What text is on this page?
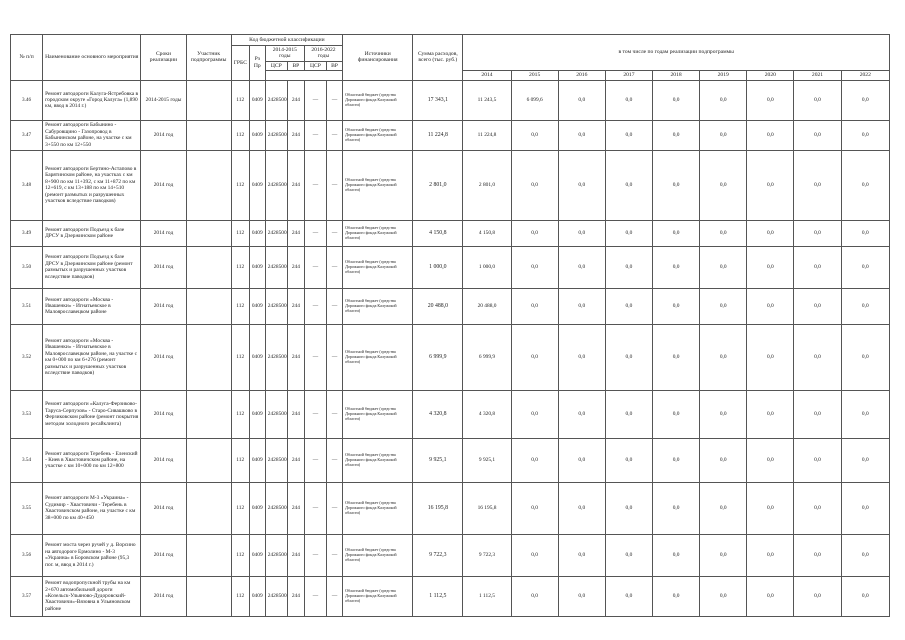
№ п/п	Наименование основного мероприятия	Сроки реализации	Участник подпрограммы	Код бюджетной классификации						Источники финансирования	Сумма расходов, всего (тыс. руб.)	в том числе по годам реализации подпрограммы								
				ГРБС	Рз Пр	2014-2015 годы		2016-2022 годы												
						ЦСР	ВР	ЦСР	ВР											
												2014	2015	2016	2017	2018	2019	2020	2021	2022
3.46	Ремонт автодороги Калуга-Ястребовка в городском округе «Город Калуга» (1,890 км, ввод в 2014 г.)	2014-2015 годы		112	0409	2428500	244	—	—	Областной бюджет (средства Дорожного фонда Калужской области)	17 343,1	11 243,5	6 099,6	0,0	0,0	0,0	0,0	0,0	0,0	0,0
3.47	Ремонт автодороги Бабынино - Сабуровщино - Газопровод в Бабынинском районе, на участке с км 3+550 по км 12+550	2014 год		112	0409	2428500	244	—	—	Областной бюджет (средства Дорожного фонда Калужской области)	11 224,8	11 224,8	0,0	0,0	0,0	0,0	0,0	0,0	0,0	0,0
3.48	Ремонт автодороги Бертино-Астапово в Барятинском районе, на участках с км 8+900 по км 11+392, с км 11+872 по км 12+619, с км 13+188 по км 14+510 (ремонт размытых и разрушенных участков вследствие паводков)	2014 год		112	0409	2428500	244	—	—	Областной бюджет (средства Дорожного фонда Калужской области)	2 801,0	2 801,0	0,0	0,0	0,0	0,0	0,0	0,0	0,0	0,0
3.49	Ремонт автодороги Подъезд к базе ДРСУ в Дзержинском районе	2014 год		112	0409	2428500	244	—	—	Областной бюджет (средства Дорожного фонда Калужской области)	4 150,8	4 150,8	0,0	0,0	0,0	0,0	0,0	0,0	0,0	0,0
3.50	Ремонт автодороги Подъезд к базе ДРСУ в Дзержинском районе (ремонт размытых и разрушенных участков вследствие паводков)	2014 год		112	0409	2428500	244	—	—	Областной бюджет (средства Дорожного фонда Калужской области)	1 000,0	1 000,0	0,0	0,0	0,0	0,0	0,0	0,0	0,0	0,0
3.51	Ремонт автодороги «Москва - Ивашенки» - Игнатьевское в Малоярославецком районе	2014 год		112	0409	2428500	244	—	—	Областной бюджет (средства Дорожного фонда Калужской области)	20 488,0	20 488,0	0,0	0,0	0,0	0,0	0,0	0,0	0,0	0,0
3.52	Ремонт автодороги «Москва - Ивашенки» - Игнатьевское в Малоярославецком районе, на участке с км 0+000 по км 6+276 (ремонт размытых и разрушенных участков вследствие паводков)	2014 год		112	0409	2428500	244	—	—	Областной бюджет (средства Дорожного фонда Калужской области)	6 999,9	6 999,9	0,0	0,0	0,0	0,0	0,0	0,0	0,0	0,0
3.53	Ремонт автодороги «Калуга-Ферзиково-Таруса-Серпухов» - Старо-Сивашково в Ферзиковском районе (ремонт покрытия методом холодного ресайклинга)	2014 год		112	0409	2428500	244	—	—	Областной бюджет (средства Дорожного фонда Калужской области)	4 320,8	4 320,8	0,0	0,0	0,0	0,0	0,0	0,0	0,0	0,0
3.54	Ремонт автодороги Теребень - Еленский - Киев в Хвастовичском районе, на участке с км 10+000 по км 12+800	2014 год		112	0409	2428500	244	—	—	Областной бюджет (средства Дорожного фонда Калужской области)	9 925,1	9 925,1	0,0	0,0	0,0	0,0	0,0	0,0	0,0	0,0
3.55	Ремонт автодороги М-3 «Украина» - Судимир - Хвастовичи - Теребень в Хвастовичском районе, на участке с км 38+000 по км 40+450	2014 год		112	0409	2428500	244	—	—	Областной бюджет (средства Дорожного фонда Калужской области)	16 195,8	16 195,8	0,0	0,0	0,0	0,0	0,0	0,0	0,0	0,0
3.56	Ремонт моста через ручей у д. Ворсино на автодороге Ермолино - М-3 «Украина» в Боровском районе (95,3 пог. м, ввод в 2014 г.)	2014 год		112	0409	2428500	244	—	—	Областной бюджет (средства Дорожного фонда Калужской области)	9 722,3	9 722,3	0,0	0,0	0,0	0,0	0,0	0,0	0,0	0,0
3.57	Ремонт водопропускной трубы на км 2+670 автомобильной дороги «Козельск-Ульяново-Дудоровский-Хвастовичи»-Вязовна в Ульяновском районе	2014 год		112	0409	2428500	244	—	—	Областной бюджет (средства Дорожного фонда Калужской области)	1 112,5	1 112,5	0,0	0,0	0,0	0,0	0,0	0,0	0,0	0,0
